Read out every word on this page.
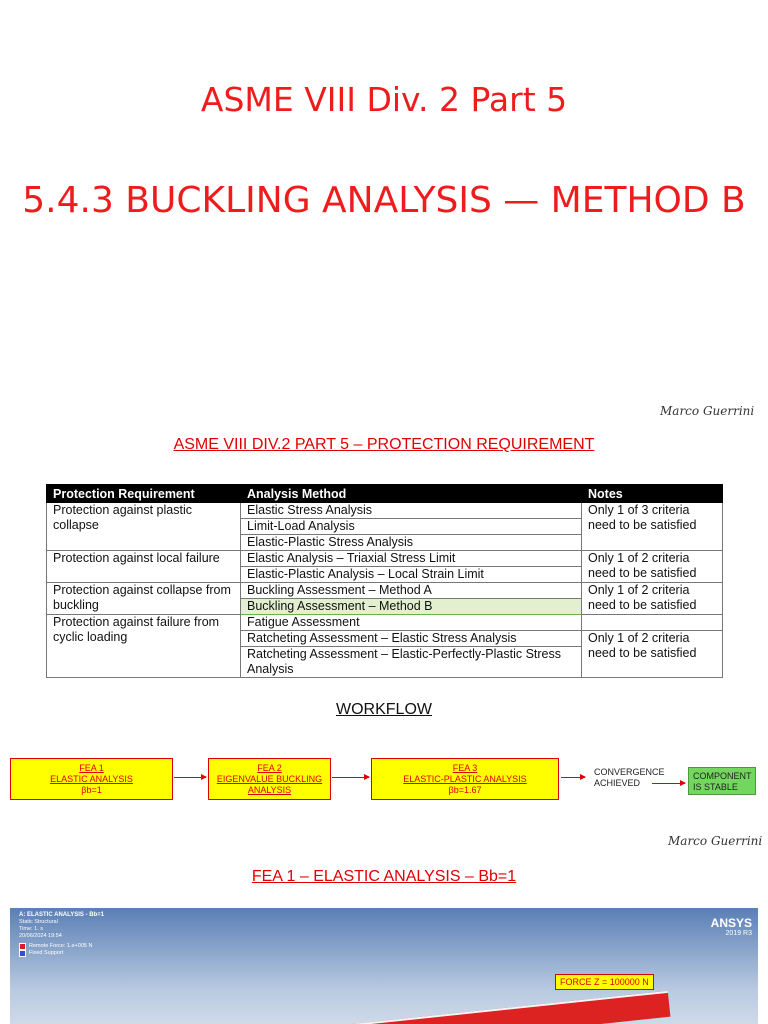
ASME VIII Div. 2 Part 5
5.4.3 BUCKLING ANALYSIS — METHOD B
Marco Guerrini
ASME VIII DIV.2 PART 5 – PROTECTION REQUIREMENT
Protection Requirement	Analysis Method	Notes
Protection against plastic collapse	Elastic Stress Analysis	Only 1 of 3 criteria need to be satisfied
	Limit-Load Analysis	
	Elastic-Plastic Stress Analysis	
Protection against local failure	Elastic Analysis – Triaxial Stress Limit	Only 1 of 2 criteria need to be satisfied
	Elastic-Plastic Analysis – Local Strain Limit	
Protection against collapse from buckling	Buckling Assessment – Method A	Only 1 of 2 criteria need to be satisfied
	Buckling Assessment – Method B	
Protection against failure from cyclic loading	Fatigue Assessment	
	Ratcheting Assessment – Elastic Stress Analysis	Only 1 of 2 criteria need to be satisfied
	Ratcheting Assessment – Elastic-Perfectly-Plastic Stress Analysis	
WORKFLOW
FEA 1
ELASTIC ANALYSIS
βb=1
FEA 2
EIGENVALUE BUCKLING
ANALYSIS
FEA 3
ELASTIC-PLASTIC ANALYSIS
βb=1.67
CONVERGENCE
ACHIEVED
COMPONENT
IS STABLE
Marco Guerrini
FEA 1 – ELASTIC ANALYSIS – Bb=1
A: ELASTIC ANALYSIS - Bb=1
Static Structural
Time: 1. s
20/06/2024 19:54
Remote Force: 1.e+005 N
Fixed Support
ANSYS
2019 R3
FORCE Z = 100000 N
